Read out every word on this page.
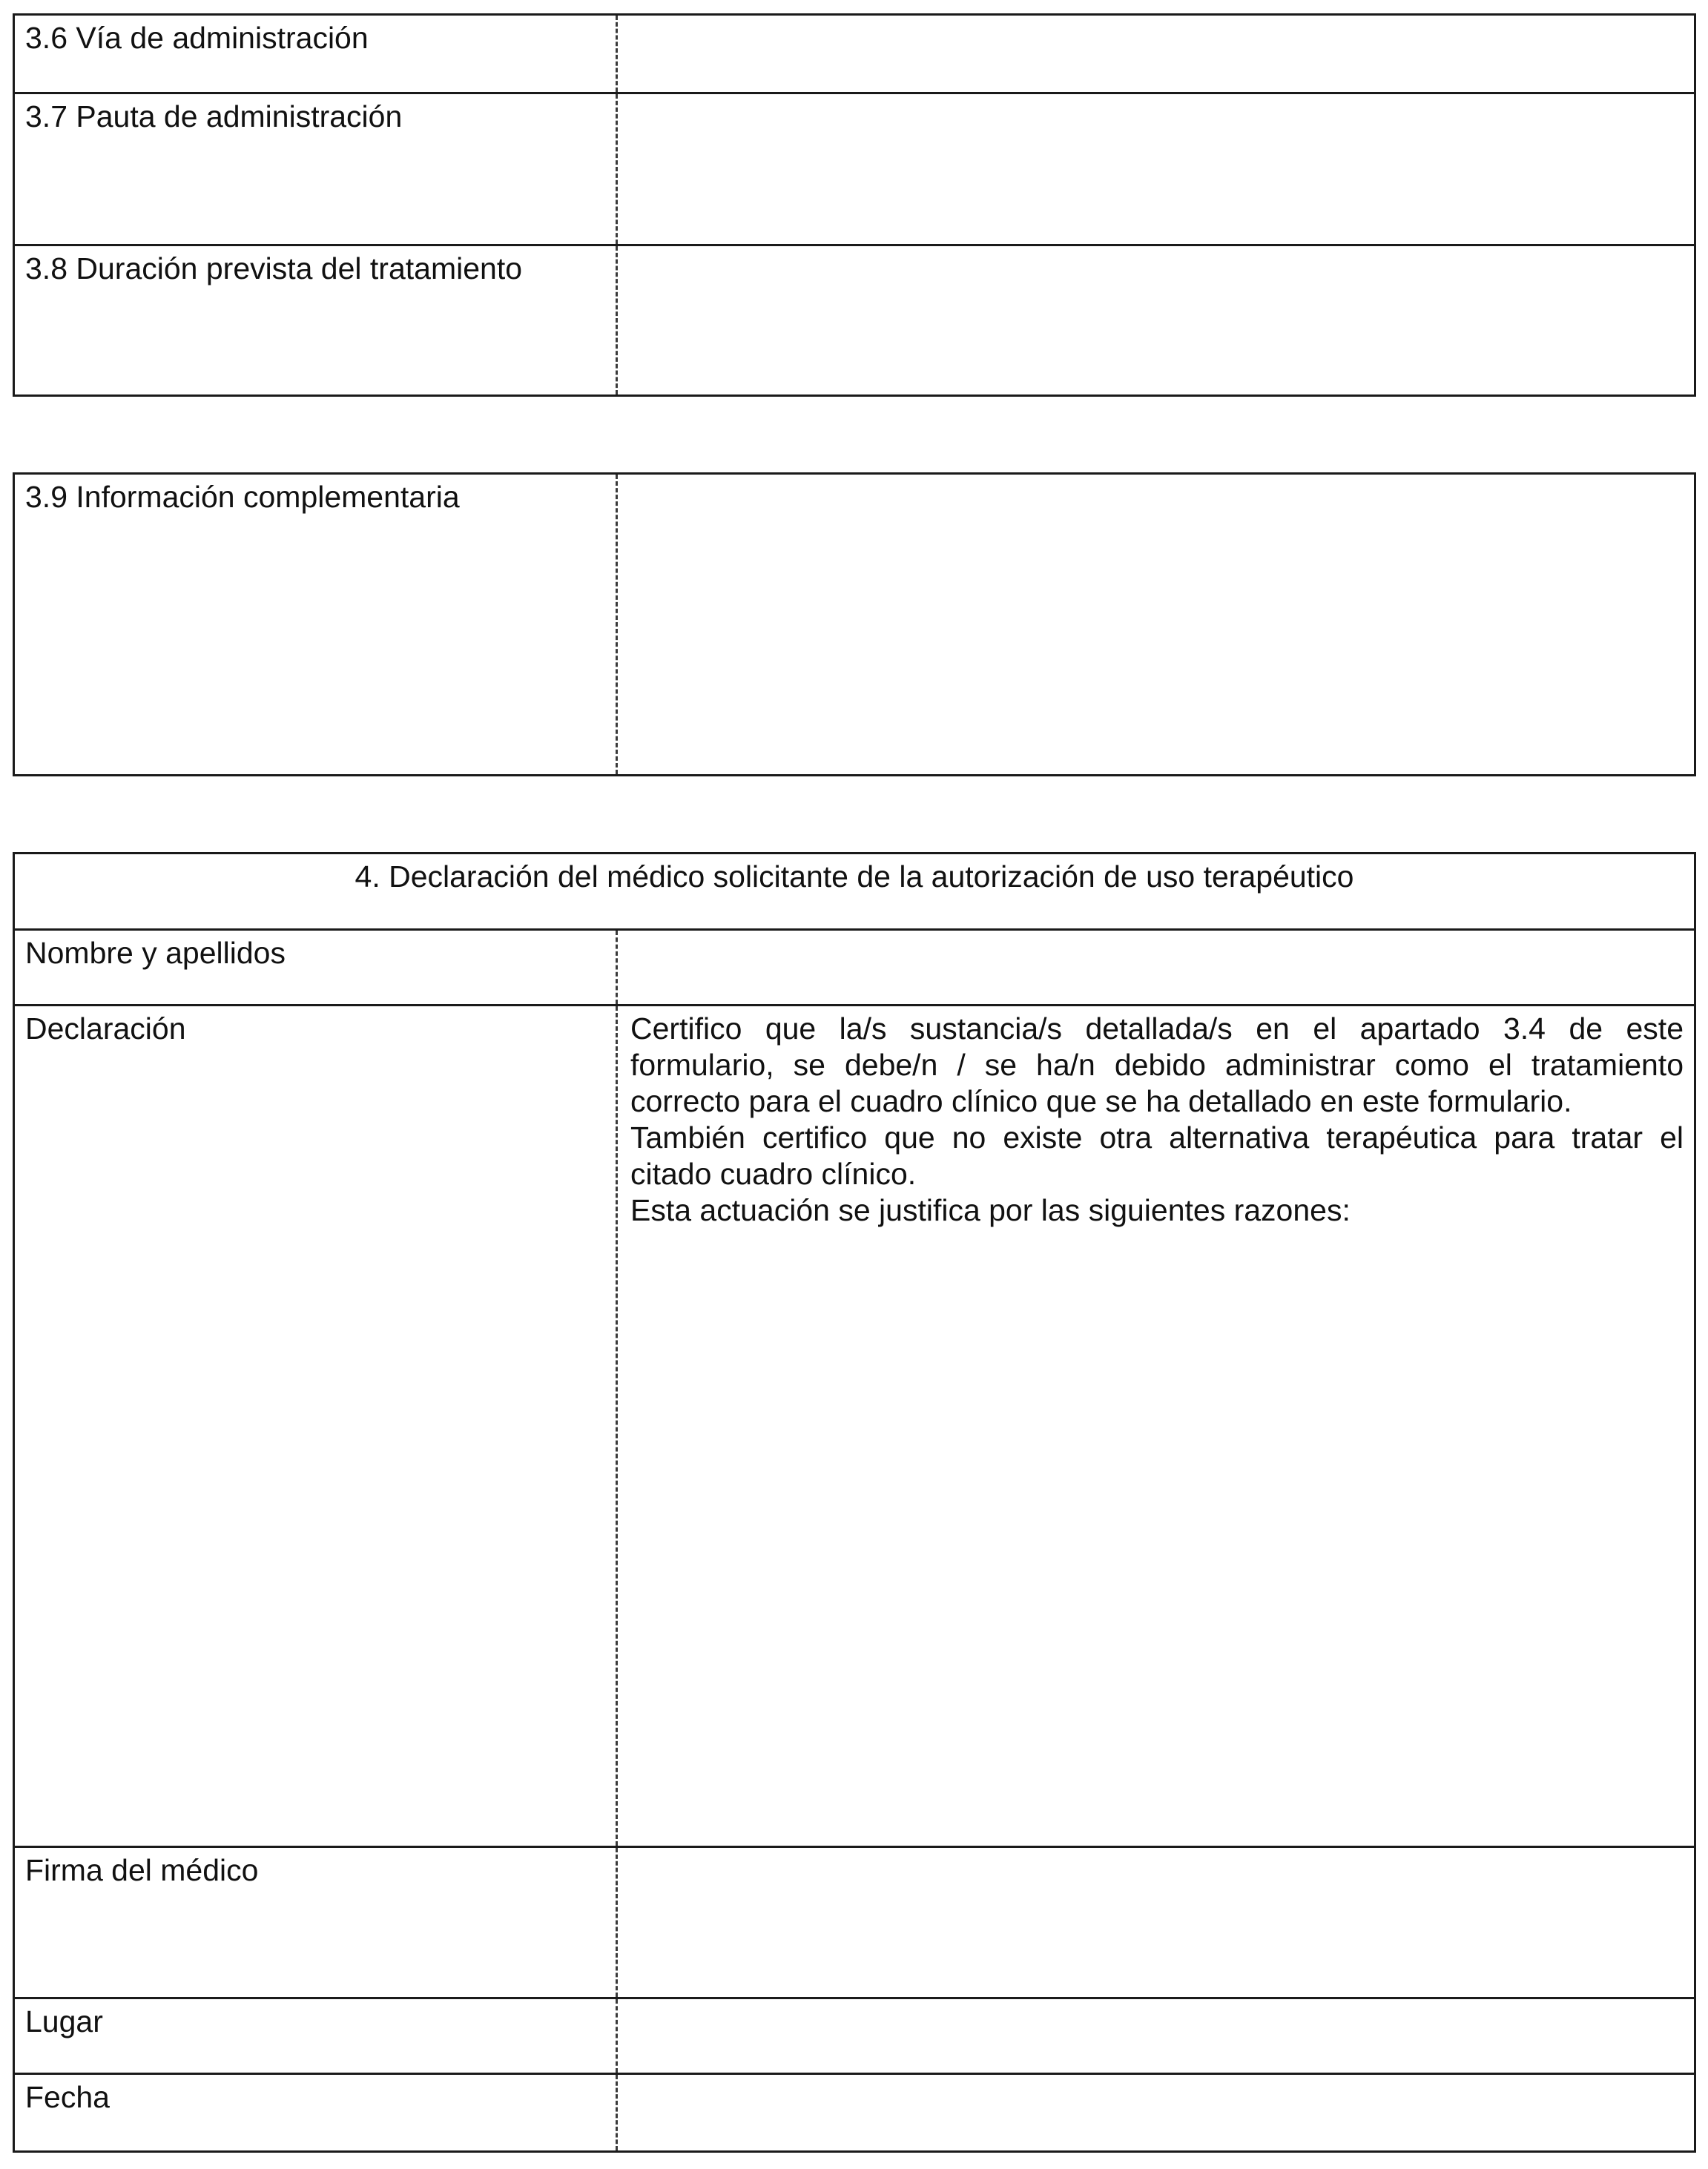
3.6 Vía de administración
3.7 Pauta de administración
3.8 Duración prevista del tratamiento
3.9 Información complementaria
4. Declaración del médico solicitante de la autorización de uso terapéutico
Nombre y apellidos
Declaración	Certifico que la/s sustancia/s detallada/s en el apartado 3.4 de este formulario, se debe/n / se ha/n debido administrar como el tratamiento correcto para el cuadro clínico que se ha detallado en este formulario.

También certifico que no existe otra alternativa terapéutica para tratar el citado cuadro clínico.

Esta actuación se justifica por las siguientes razones:

Firma del médico
Lugar
Fecha
